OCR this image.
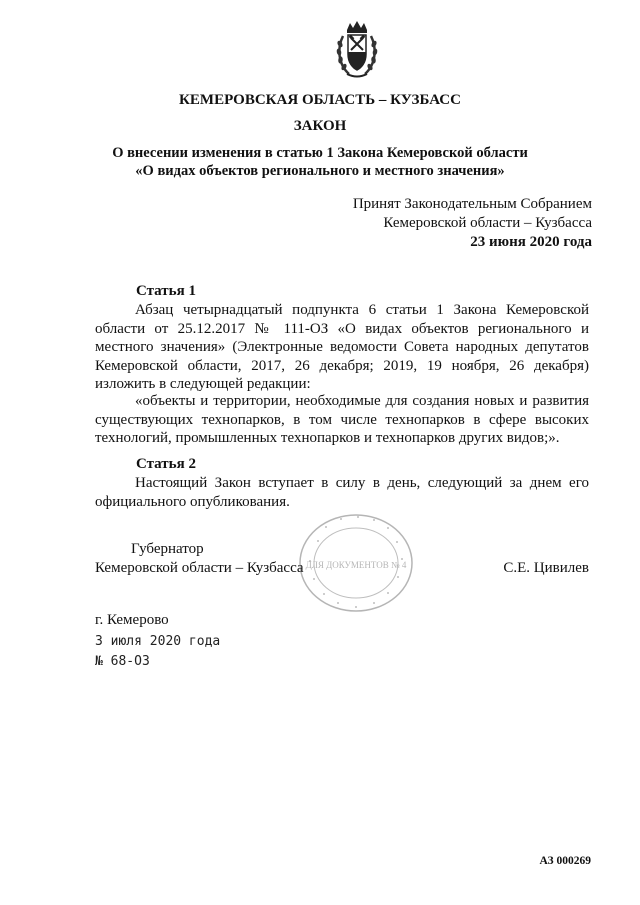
КЕМЕРОВСКАЯ ОБЛАСТЬ – КУЗБАСС
ЗАКОН
О внесении изменения в статью 1 Закона Кемеровской области
«О видах объектов регионального и местного значения»
Принят Законодательным Собранием
Кемеровской области – Кузбасса
23 июня 2020 года
Статья 1
Абзац четырнадцатый подпункта 6 статьи 1 Закона Кемеровской области от 25.12.2017 № 111-ОЗ «О видах объектов регионального и местного значения» (Электронные ведомости Совета народных депутатов Кемеровской области, 2017, 26 декабря; 2019, 19 ноября, 26 декабря) изложить в следующей редакции:
«объекты и территории, необходимые для создания новых и развития существующих технопарков, в том числе технопарков в сфере высоких технологий, промышленных технопарков и технопарков других видов;».
Статья 2
Настоящий Закон вступает в силу в день, следующий за днем его официального опубликования.
ДЛЯ ДОКУМЕНТОВ № 4
Губернатор
Кемеровской области – Кузбасса	С.Е. Цивилев
г. Кемерово
3 июля 2020 года
№ 68-ОЗ
АЗ 000269
